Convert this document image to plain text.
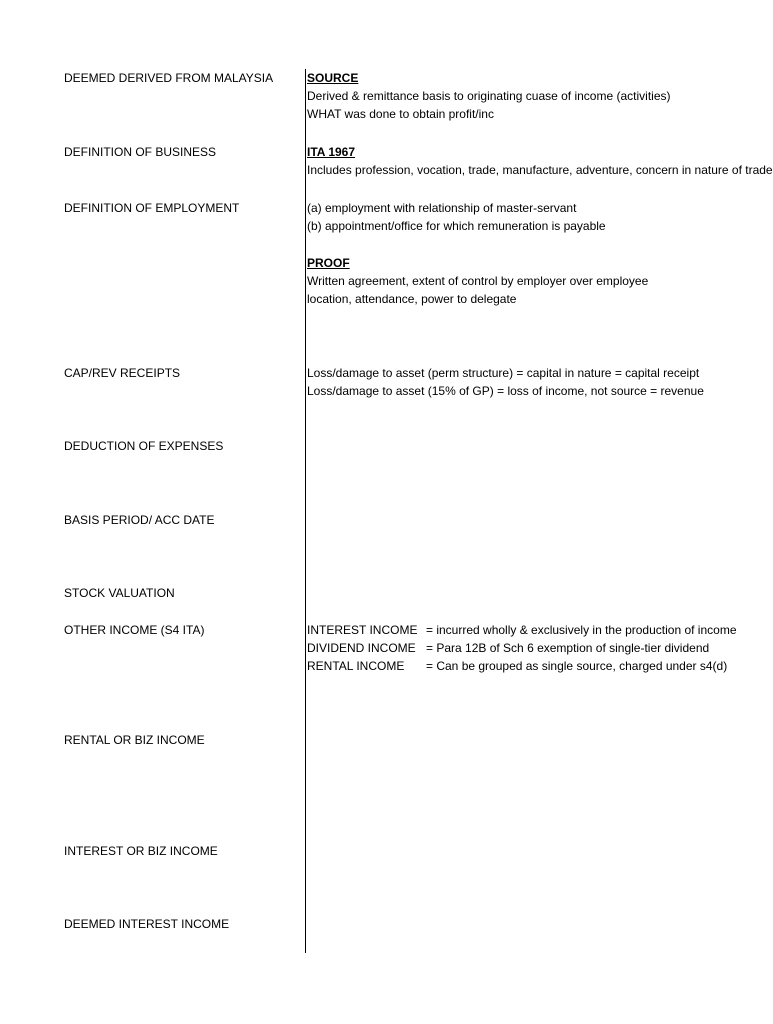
DEEMED DERIVED FROM MALAYSIA
DEFINITION OF BUSINESS
DEFINITION OF EMPLOYMENT
CAP/REV RECEIPTS
DEDUCTION OF EXPENSES
BASIS PERIOD/ ACC DATE
STOCK VALUATION
OTHER INCOME (S4 ITA)
RENTAL OR BIZ INCOME
INTEREST OR BIZ INCOME
DEEMED INTEREST INCOME
SOURCE
Derived & remittance basis to originating cuase of income (activities)
WHAT was done to obtain profit/inc
ITA 1967
Includes profession, vocation, trade, manufacture, adventure, concern in nature of trade
(a) employment with relationship of master-servant
(b) appointment/office for which remuneration is payable
PROOF
Written agreement, extent of control by employer over employee
location, attendance, power to delegate
Loss/damage to asset (perm structure) = capital in nature = capital receipt
Loss/damage to asset (15% of GP) = loss of income, not source = revenue
INTEREST INCOME = incurred wholly & exclusively in the production of income
DIVIDEND INCOME = Para 12B of Sch 6 exemption of single-tier dividend
RENTAL INCOME = Can be grouped as single source, charged under s4(d)
